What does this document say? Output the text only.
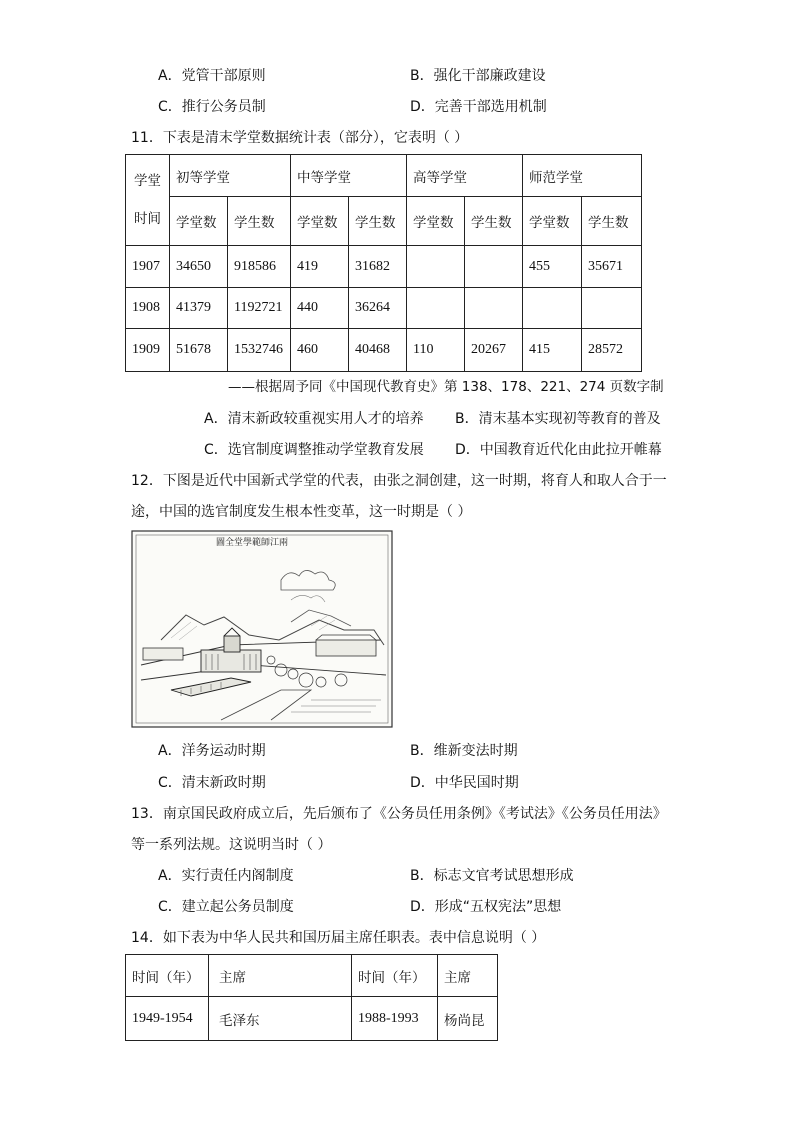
A．党管干部原则	B．强化干部廉政建设
C．推行公务员制	D．完善干部选用机制
11．下表是清末学堂数据统计表（部分），它表明（ ）
学堂
时间	初等学堂		中等学堂		高等学堂		师范学堂	
	学堂数	学生数	学堂数	学生数	学堂数	学生数	学堂数	学生数
1907	34650	918586	419	31682			455	35671
1908	41379	1192721	440	36264				
1909	51678	1532746	460	40468	110	20267	415	28572
——根据周予同《中国现代教育史》第 138、178、221、274 页数字制
A．清末新政较重视实用人才的培养 B．清末基本实现初等教育的普及
C．选官制度调整推动学堂教育发展 D．中国教育近代化由此拉开帷幕
12．下图是近代中国新式学堂的代表，由张之洞创建，这一时期，将育人和取人合于一
途，中国的选官制度发生根本性变革，这一时期是（ ）
圖全堂學範師江兩
A．洋务运动时期	B．维新变法时期
C．清末新政时期	D．中华民国时期
13．南京国民政府成立后，先后颁布了《公务员任用条例》《考试法》《公务员任用法》
等一系列法规。这说明当时（ ）
A．实行责任内阁制度	B．标志文官考试思想形成
C．建立起公务员制度	D．形成“五权宪法”思想
14．如下表为中华人民共和国历届主席任职表。表中信息说明（ ）
时间（年）	主席	时间（年）	主席
1949-1954	毛泽东	1988-1993	杨尚昆
